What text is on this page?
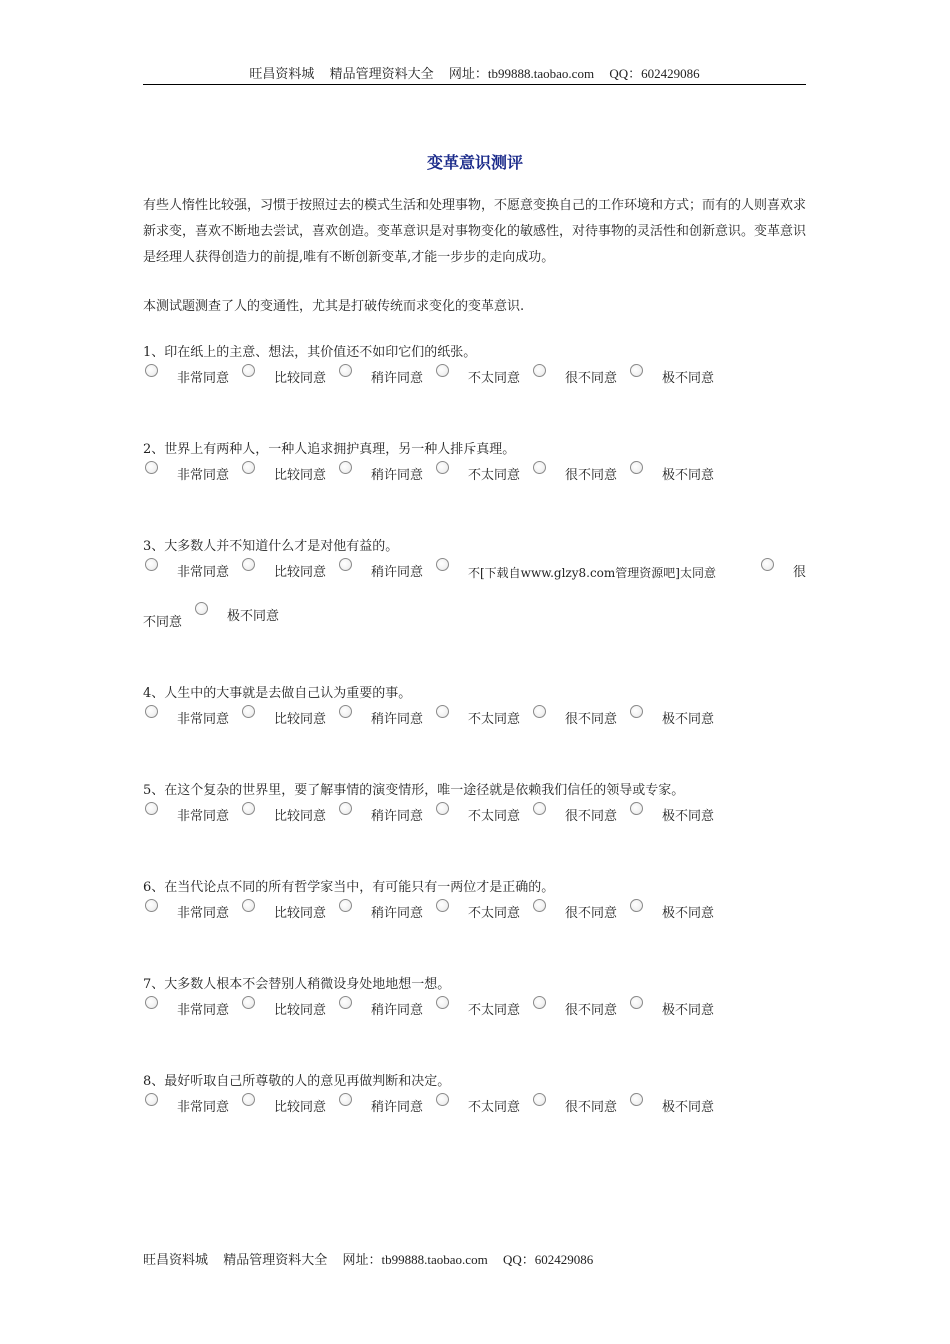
旺昌资料城 精品管理资料大全 网址：tb99888.taobao.com QQ：602429086
变革意识测评
有些人惰性比较强，习惯于按照过去的模式生活和处理事物，不愿意变换自己的工作环境和方式；而有的人则喜欢求新求变，喜欢不断地去尝试，喜欢创造。变革意识是对事物变化的敏感性，对待事物的灵活性和创新意识。变革意识是经理人获得创造力的前提,唯有不断创新变革,才能一步步的走向成功。
本测试题测查了人的变通性，尤其是打破传统而求变化的变革意识.
1、印在纸上的主意、想法，其价值还不如印它们的纸张。
非常同意	比较同意	稍许同意	不太同意	很不同意	极不同意
2、世界上有两种人，一种人追求拥护真理，另一种人排斥真理。
非常同意	比较同意	稍许同意	不太同意	很不同意	极不同意
3、大多数人并不知道什么才是对他有益的。
非常同意	比较同意	稍许同意	不[下载自www.glzy8.com管理资源吧]太同意	很
不同意	极不同意
4、人生中的大事就是去做自己认为重要的事。
非常同意	比较同意	稍许同意	不太同意	很不同意	极不同意
5、在这个复杂的世界里，要了解事情的演变情形，唯一途径就是依赖我们信任的领导或专家。
非常同意	比较同意	稍许同意	不太同意	很不同意	极不同意
6、在当代论点不同的所有哲学家当中，有可能只有一两位才是正确的。
非常同意	比较同意	稍许同意	不太同意	很不同意	极不同意
7、大多数人根本不会替别人稍微设身处地地想一想。
非常同意	比较同意	稍许同意	不太同意	很不同意	极不同意
8、最好听取自己所尊敬的人的意见再做判断和决定。
非常同意	比较同意	稍许同意	不太同意	很不同意	极不同意
旺昌资料城 精品管理资料大全 网址：tb99888.taobao.com QQ：602429086
